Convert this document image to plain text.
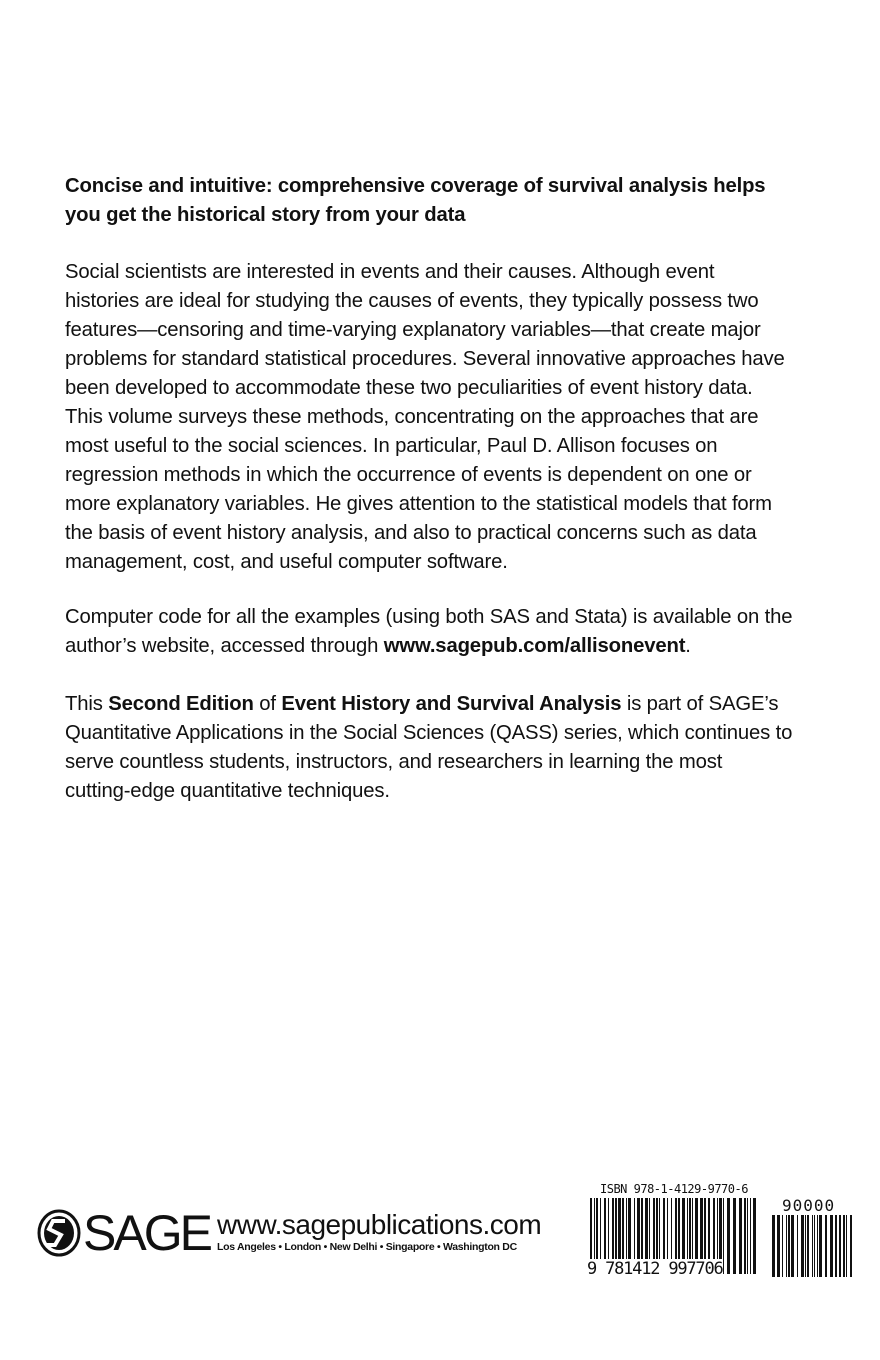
Concise and intuitive: comprehensive coverage of survival analysis helps
you get the historical story from your data
Social scientists are interested in events and their causes. Although event
histories are ideal for studying the causes of events, they typically possess two
features—censoring and time-varying explanatory variables—that create major
problems for standard statistical procedures. Several innovative approaches have
been developed to accommodate these two peculiarities of event history data.
This volume surveys these methods, concentrating on the approaches that are
most useful to the social sciences. In particular, Paul D. Allison focuses on
regression methods in which the occurrence of events is dependent on one or
more explanatory variables. He gives attention to the statistical models that form
the basis of event history analysis, and also to practical concerns such as data
management, cost, and useful computer software.
Computer code for all the examples (using both SAS and Stata) is available on the
author’s website, accessed through www.sagepub.com/allisonevent.
This Second Edition of Event History and Survival Analysis is part of SAGE’s
Quantitative Applications in the Social Sciences (QASS) series, which continues to
serve countless students, instructors, and researchers in learning the most
cutting-edge quantitative techniques.
SAGE www.sagepublications.com
Los Angeles • London • New Delhi • Singapore • Washington DC
ISBN 978-1-4129-9770-6
9 781412 997706
90000
